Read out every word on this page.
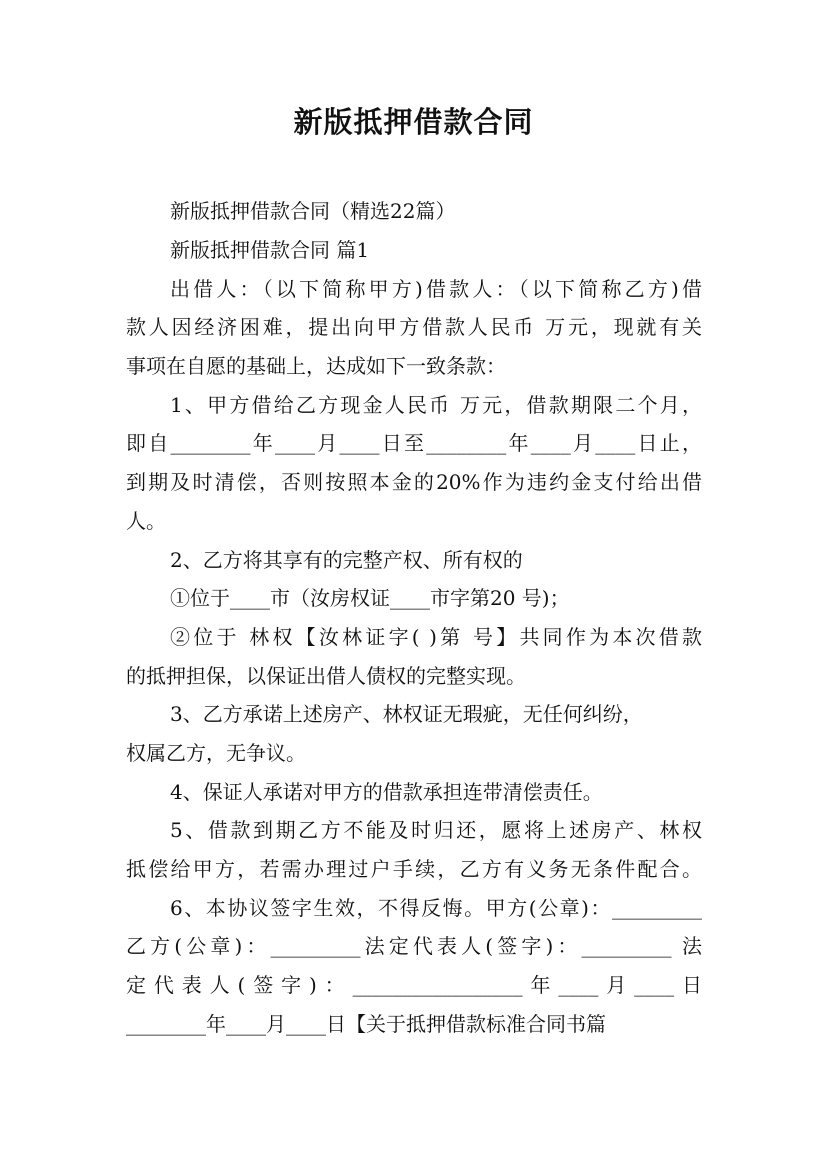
新版抵押借款合同
新版抵押借款合同（精选22篇）
新版抵押借款合同 篇1
出借人：（以下简称甲方)借款人：（以下简称乙方)借
款人因经济困难，提出向甲方借款人民币 万元，现就有关
事项在自愿的基础上，达成如下一致条款：
1、甲方借给乙方现金人民币 万元，借款期限二个月，
即自________年____月____日至________年____月____日止，
到期及时清偿，否则按照本金的20%作为违约金支付给出借
人。
2、乙方将其享有的完整产权、所有权的
①位于____市（汝房权证____市字第20 号)；
②位于 林权【汝林证字( )第 号】共同作为本次借款
的抵押担保，以保证出借人债权的完整实现。
3、乙方承诺上述房产、林权证无瑕疵，无任何纠纷，
权属乙方，无争议。
4、保证人承诺对甲方的借款承担连带清偿责任。
5、借款到期乙方不能及时归还，愿将上述房产、林权
抵偿给甲方，若需办理过户手续，乙方有义务无条件配合。
6、本协议签字生效，不得反悔。甲方(公章)：_________
乙方(公章)：_________法定代表人(签字)：_________ 法
定代表人(签字)：_________________年____月____日
________年____月____日【关于抵押借款标准合同书篇
